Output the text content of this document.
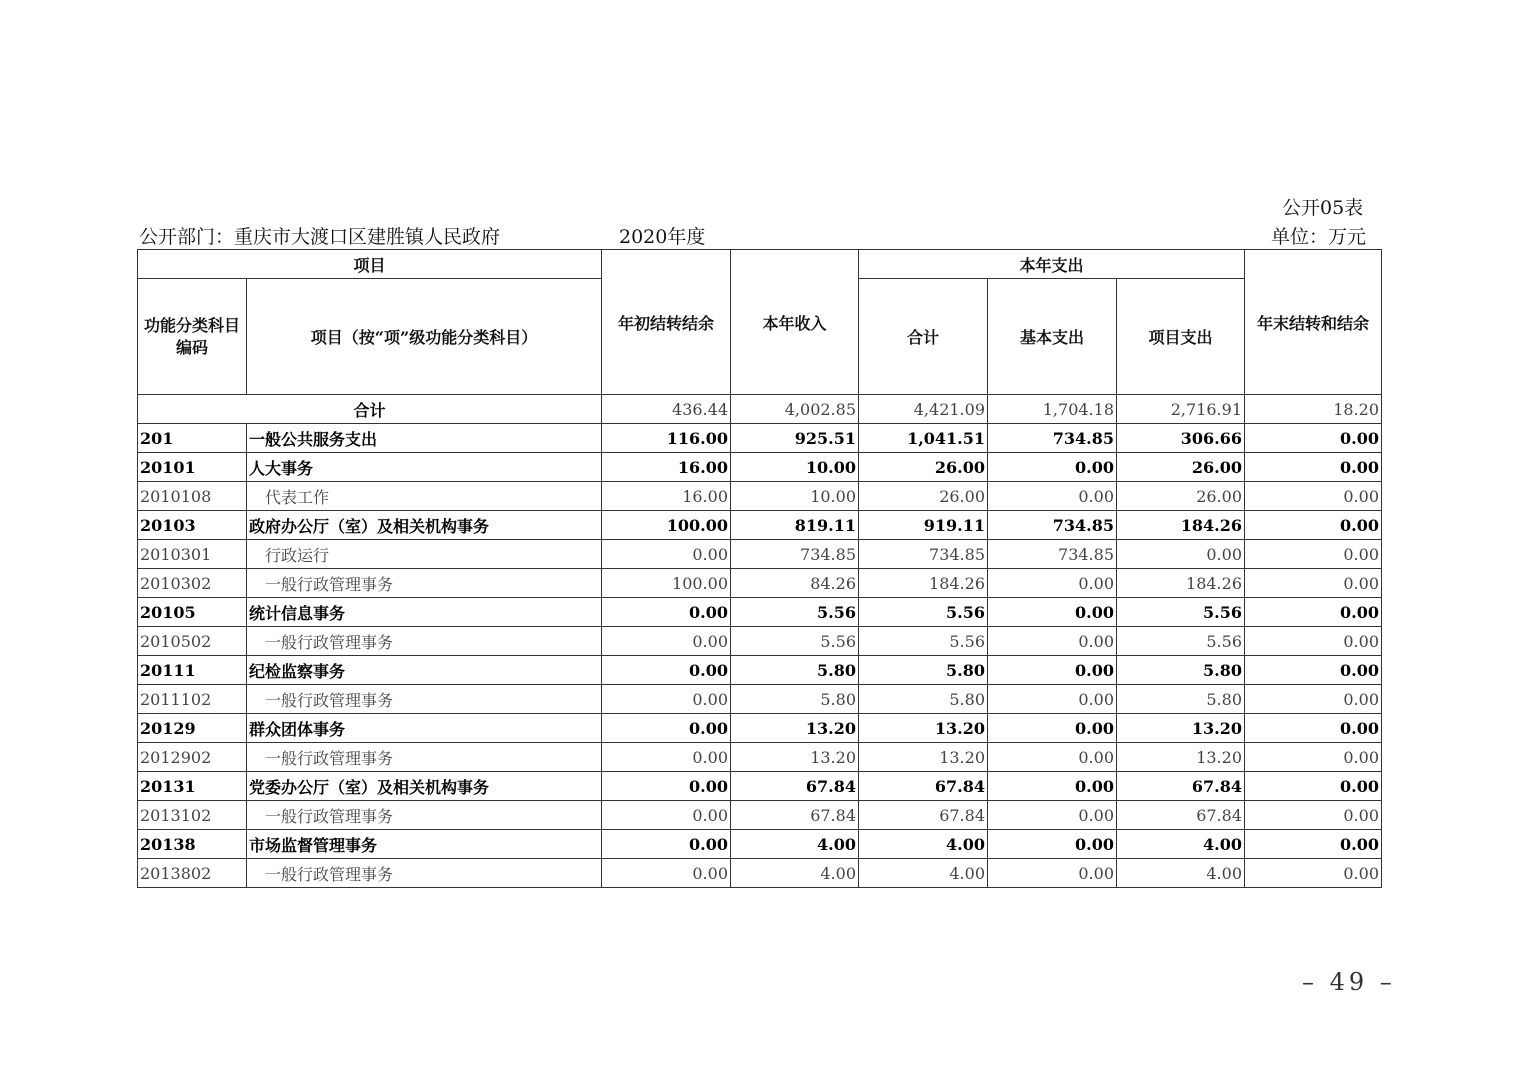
公开05表
公开部门：重庆市大渡口区建胜镇人民政府	2020年度	单位：万元
项目		年初结转结余	本年收入	本年支出			年末结转和结余
功能分类科目编码	项目（按“项”级功能分类科目）			合计	基本支出	项目支出	
合计		436.44	4,002.85	4,421.09	1,704.18	2,716.91	18.20
201	一般公共服务支出	116.00	925.51	1,041.51	734.85	306.66	0.00
20101	人大事务	16.00	10.00	26.00	0.00	26.00	0.00
2010108	代表工作	16.00	10.00	26.00	0.00	26.00	0.00
20103	政府办公厅（室）及相关机构事务	100.00	819.11	919.11	734.85	184.26	0.00
2010301	行政运行	0.00	734.85	734.85	734.85	0.00	0.00
2010302	一般行政管理事务	100.00	84.26	184.26	0.00	184.26	0.00
20105	统计信息事务	0.00	5.56	5.56	0.00	5.56	0.00
2010502	一般行政管理事务	0.00	5.56	5.56	0.00	5.56	0.00
20111	纪检监察事务	0.00	5.80	5.80	0.00	5.80	0.00
2011102	一般行政管理事务	0.00	5.80	5.80	0.00	5.80	0.00
20129	群众团体事务	0.00	13.20	13.20	0.00	13.20	0.00
2012902	一般行政管理事务	0.00	13.20	13.20	0.00	13.20	0.00
20131	党委办公厅（室）及相关机构事务	0.00	67.84	67.84	0.00	67.84	0.00
2013102	一般行政管理事务	0.00	67.84	67.84	0.00	67.84	0.00
20138	市场监督管理事务	0.00	4.00	4.00	0.00	4.00	0.00
2013802	一般行政管理事务	0.00	4.00	4.00	0.00	4.00	0.00
– 49 –
